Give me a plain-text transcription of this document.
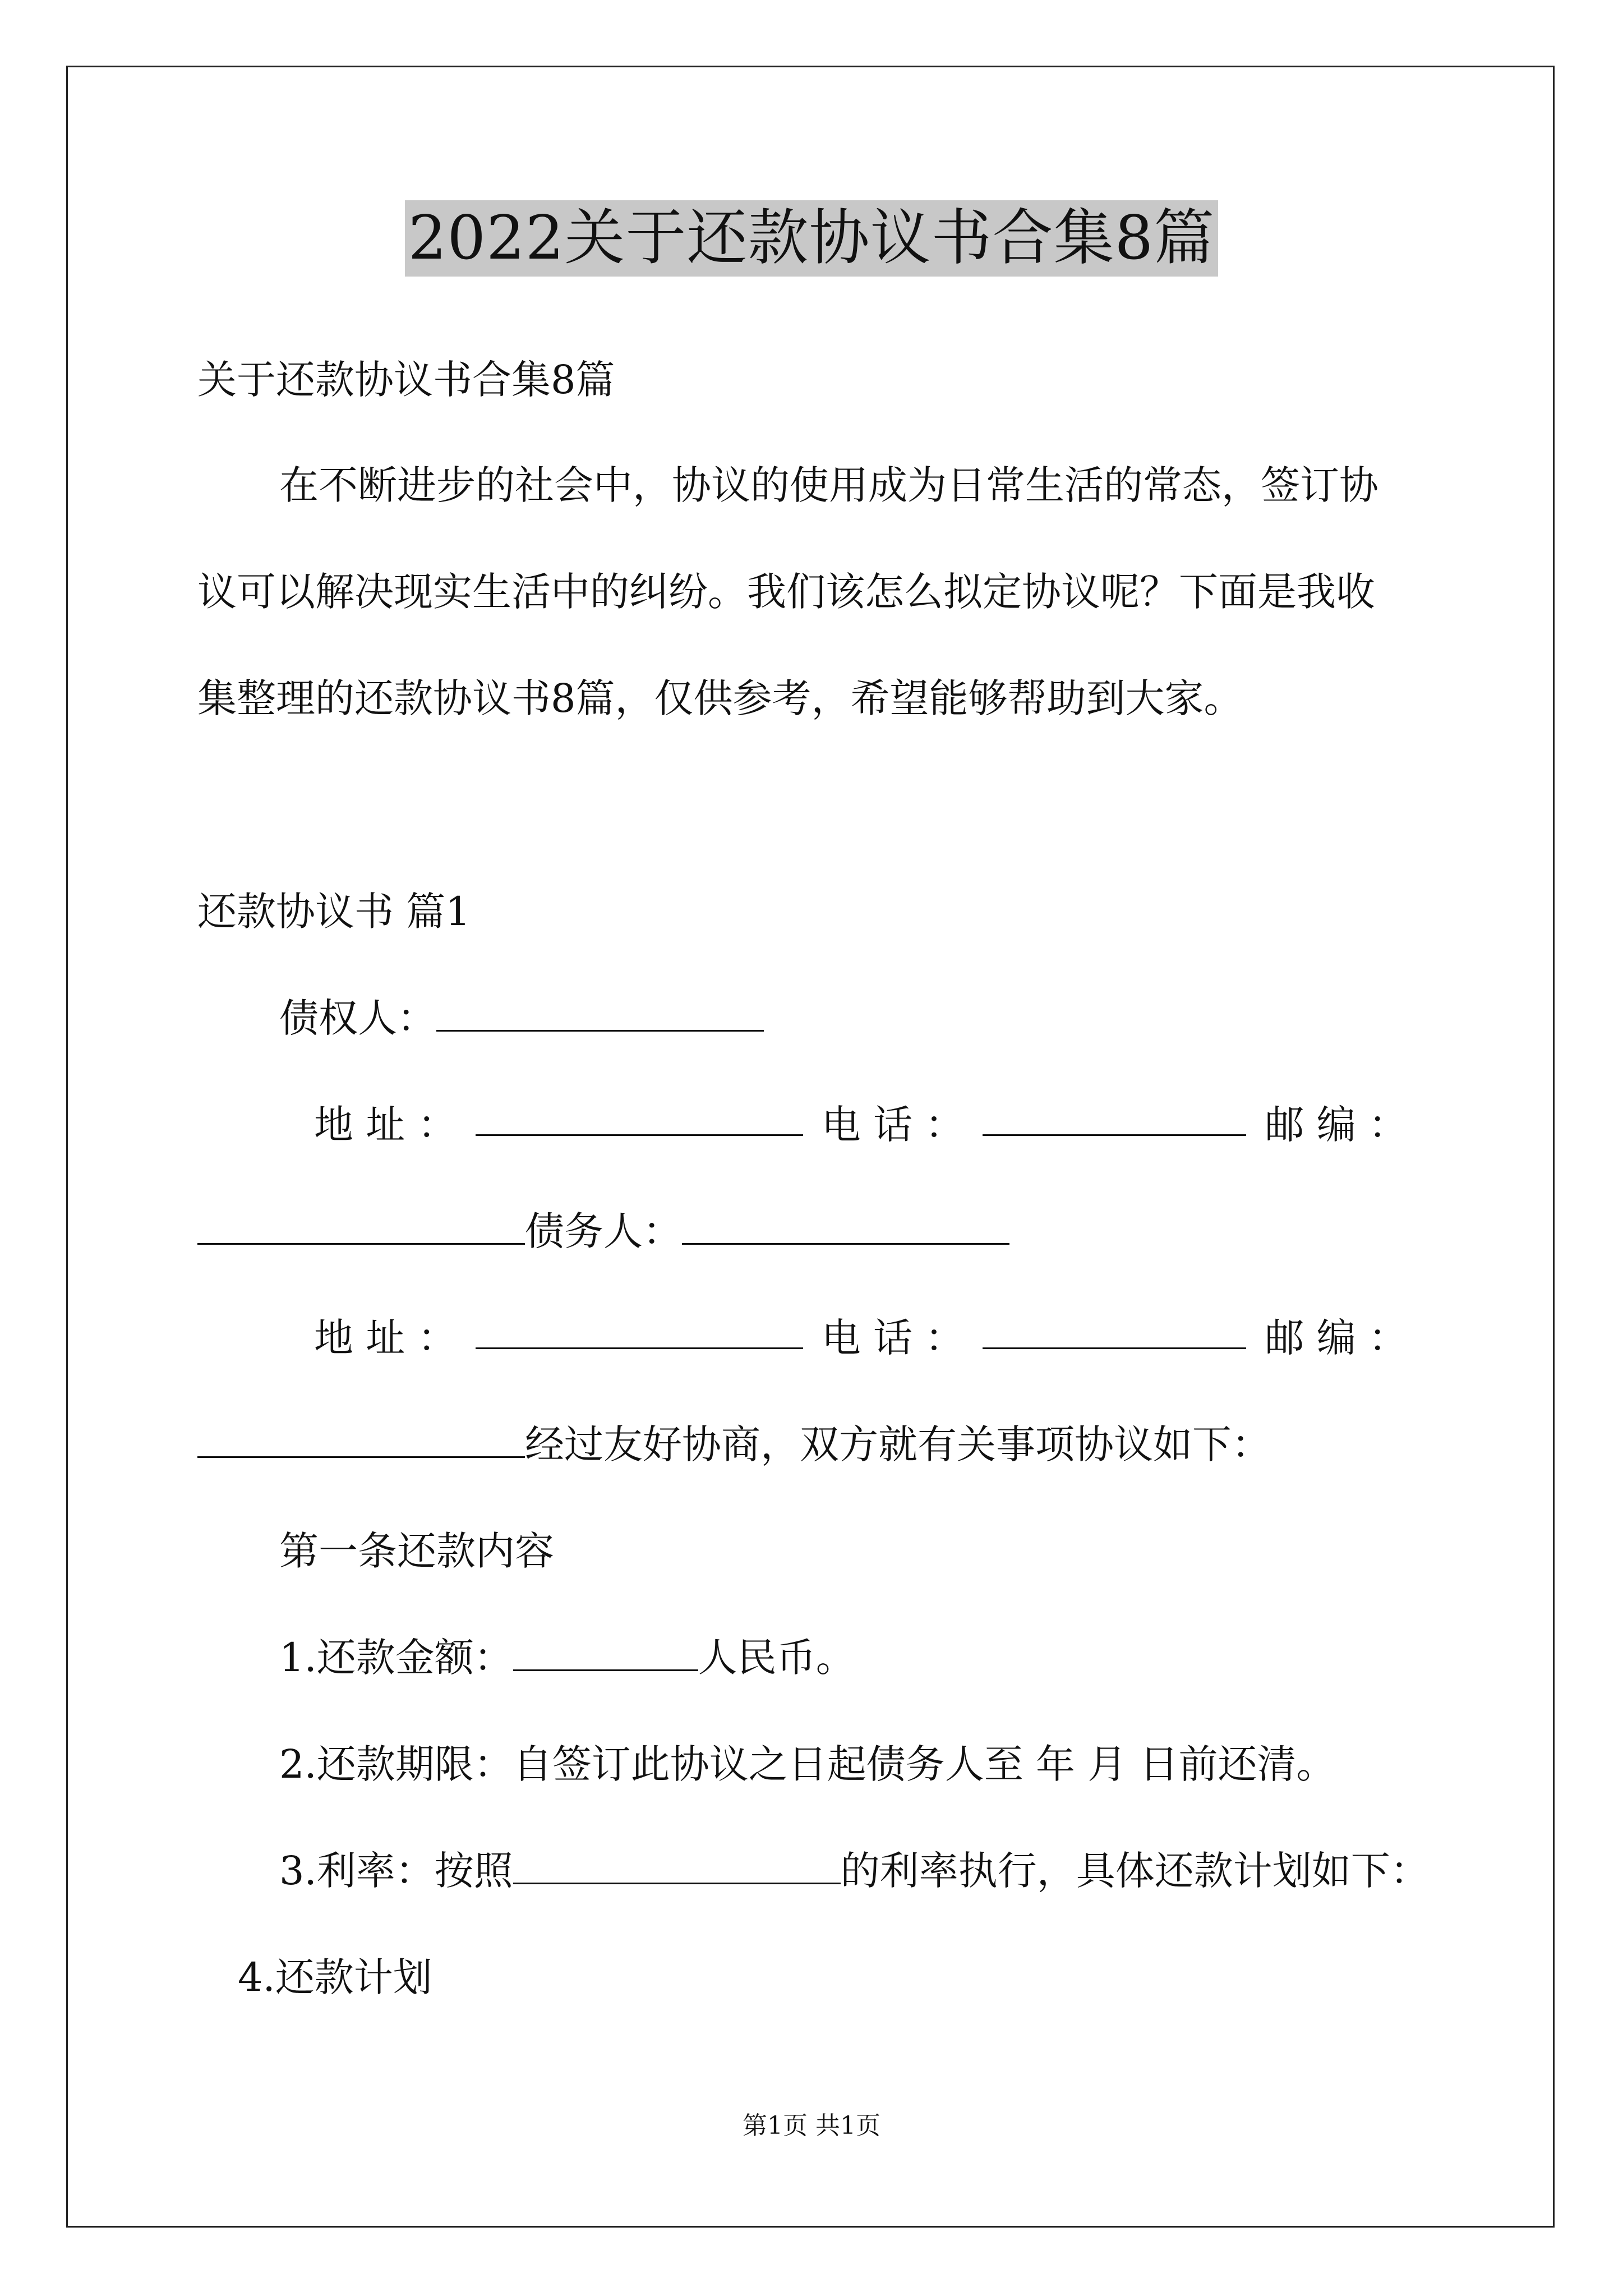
2022关于还款协议书合集8篇
关于还款协议书合集8篇
在不断进步的社会中，协议的使用成为日常生活的常态，签订协
议可以解决现实生活中的纠纷。我们该怎么拟定协议呢？下面是我收
集整理的还款协议书8篇，仅供参考，希望能够帮助到大家。
还款协议书 篇1
债权人：
地 址 ：	电 话 ：	邮 编 ：
债务人：
地 址 ：	电 话 ：	邮 编 ：
经过友好协商，双方就有关事项协议如下：
第一条还款内容
1.还款金额：	人民币。
2.还款期限：自签订此协议之日起债务人至 年 月 日前还清。
3.利率：按照	的利率执行，具体还款计划如下：
4.还款计划
第1页 共1页
